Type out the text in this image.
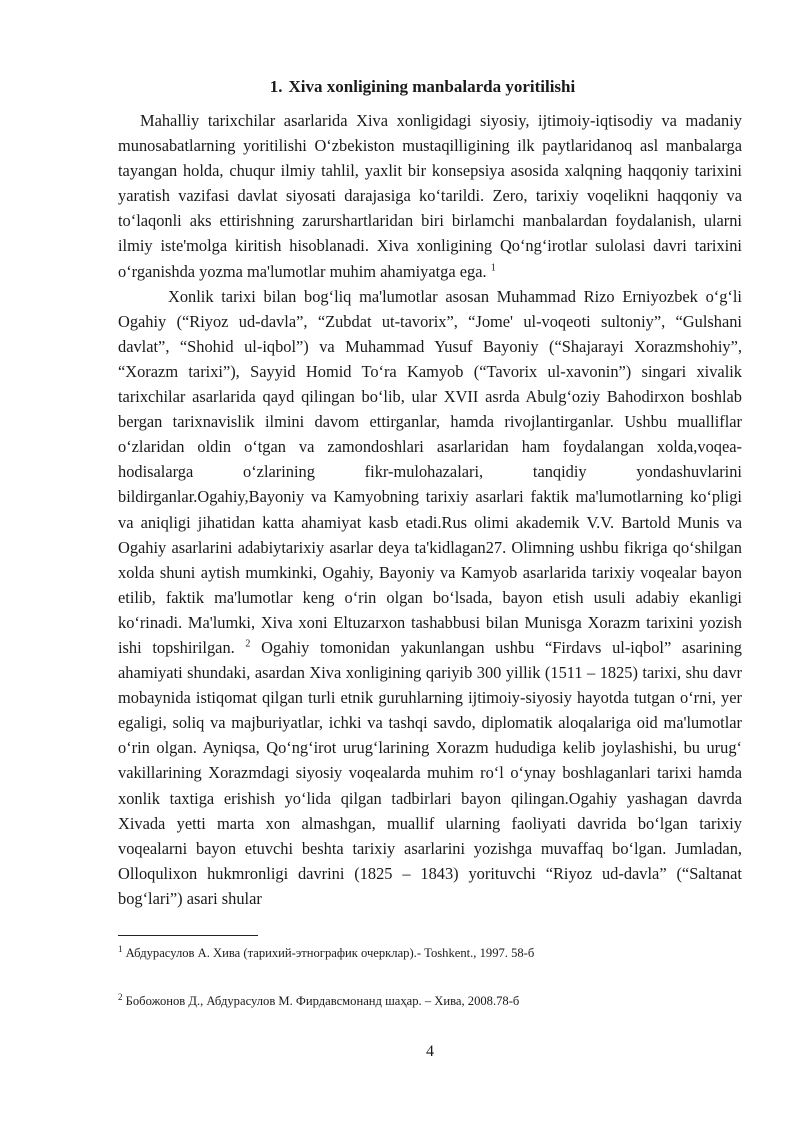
1. Xiva xonligining manbalarda yoritilishi

Mahalliy tarixchilar asarlarida Xiva xonligidagi siyosiy, ijtimoiy-iqtisodiy va madaniy munosabatlarning yoritilishi O‘zbekiston mustaqilligining ilk paytlaridanoq asl manbalarga tayangan holda, chuqur ilmiy tahlil, yaxlit bir konsepsiya asosida xalqning haqqoniy tarixini yaratish vazifasi davlat siyosati darajasiga ko‘tarildi. Zero, tarixiy voqelikni haqqoniy va to‘laqonli aks ettirishning zarurshartlaridan biri birlamchi manbalardan foydalanish, ularni ilmiy iste'molga kiritish hisoblanadi. Xiva xonligining Qo‘ng‘irotlar sulolasi davri tarixini o‘rganishda yozma ma'lumotlar muhim ahamiyatga ega. $^1$

Xonlik tarixi bilan bog‘liq ma'lumotlar asosan Muhammad Rizo Erniyozbek o‘g‘li Ogahiy (“Riyoz ud-davla”, “Zubdat ut-tavorix”, “Jome' ul-voqeoti sultoniy”, “Gulshani davlat”, “Shohid ul-iqbol”) va Muhammad Yusuf Bayoniy (“Shajarayi Xorazmshohiy”, “Xorazm tarixi”), Sayyid Homid To‘ra Kamyob (“Tavorix ul-xavonin”) singari xivalik tarixchilar asarlarida qayd qilingan bo‘lib, ular XVII asrda Abulg‘oziy Bahodirxon boshlab bergan tarixnavislik ilmini davom ettirganlar, hamda rivojlantirganlar. Ushbu mualliflar o‘zlaridan oldin o‘tgan va zamondoshlari asarlaridan ham foydalangan xolda,voqea-hodisalarga o‘zlarining fikr-mulohazalari, tanqidiy yondashuvlarini bildirganlar.Ogahiy,Bayoniy va Kamyobning tarixiy asarlari faktik ma'lumotlarning ko‘pligi va aniqligi jihatidan katta ahamiyat kasb etadi.Rus olimi akademik V.V. Bartold Munis va Ogahiy asarlarini adabiytarixiy asarlar deya ta'kidlagan27. Olimning ushbu fikriga qo‘shilgan xolda shuni aytish mumkinki, Ogahiy, Bayoniy va Kamyob asarlarida tarixiy voqealar bayon etilib, faktik ma'lumotlar keng o‘rin olgan bo‘lsada, bayon etish usuli adabiy ekanligi ko‘rinadi. Ma'lumki, Xiva xoni Eltuzarxon tashabbusi bilan Munisga Xorazm tarixini yozish ishi topshirilgan. $^2$ Ogahiy tomonidan yakunlangan ushbu “Firdavs ul-iqbol” asarining ahamiyati shundaki, asardan Xiva xonligining qariyib 300 yillik (1511 – 1825) tarixi, shu davr mobaynida istiqomat qilgan turli etnik guruhlarning ijtimoiy-siyosiy hayotda tutgan o‘rni, yer egaligi, soliq va majburiyatlar, ichki va tashqi savdo, diplomatik aloqalariga oid ma'lumotlar o‘rin olgan. Ayniqsa, Qo‘ng‘irot urug‘larining Xorazm hududiga kelib joylashishi, bu urug‘ vakillarining Xorazmdagi siyosiy voqealarda muhim ro‘l o‘ynay boshlaganlari tarixi hamda xonlik taxtiga erishish yo‘lida qilgan tadbirlari bayon qilingan.Ogahiy yashagan davrda Xivada yetti marta xon almashgan, muallif ularning faoliyati davrida bo‘lgan tarixiy voqealarni bayon etuvchi beshta tarixiy asarlarini yozishga muvaffaq bo‘lgan. Jumladan, Olloqulixon hukmronligi davrini (1825 – 1843) yorituvchi “Riyoz ud-davla” (“Saltanat bog‘lari”) asari shular

$^1$ Абдурасулов А. Хива (тарихий-этнографик очерклар).- Toshkent., 1997. 58-б
$^2$ Бобожонов Д., Абдурасулов М. Фирдавсмонанд шаҳар. – Хива, 2008.78-б
4
